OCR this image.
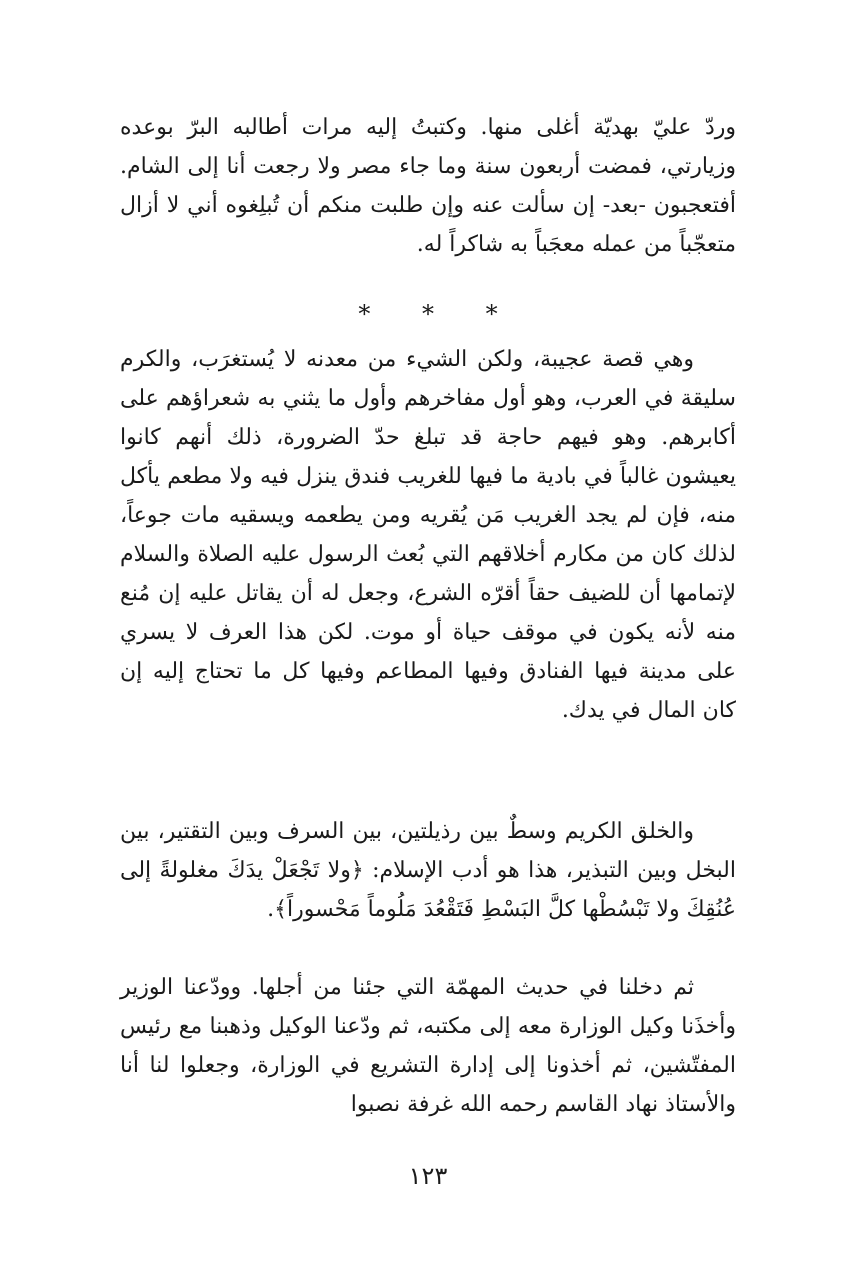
وردّ عليّ بهديّة أغلى منها. وكتبتُ إليه مرات أطالبه البرّ بوعده وزيارتي، فمضت أربعون سنة وما جاء مصر ولا رجعت أنا إلى الشام. أفتعجبون -بعد- إن سألت عنه وإن طلبت منكم أن تُبلِغوه أني لا أزال متعجّباً من عمله معجَباً به شاكراً له.

* * *

وهي قصة عجيبة، ولكن الشيء من معدنه لا يُستغرَب، والكرم سليقة في العرب، وهو أول مفاخرهم وأول ما يثني به شعراؤهم على أكابرهم. وهو فيهم حاجة قد تبلغ حدّ الضرورة، ذلك أنهم كانوا يعيشون غالباً في بادية ما فيها للغريب فندق ينزل فيه ولا مطعم يأكل منه، فإن لم يجد الغريب مَن يُقريه ومن يطعمه ويسقيه مات جوعاً، لذلك كان من مكارم أخلاقهم التي بُعث الرسول عليه الصلاة والسلام لإتمامها أن للضيف حقاً أقرّه الشرع، وجعل له أن يقاتل عليه إن مُنع منه لأنه يكون في موقف حياة أو موت. لكن هذا العرف لا يسري على مدينة فيها الفنادق وفيها المطاعم وفيها كل ما تحتاج إليه إن كان المال في يدك.

والخلق الكريم وسطٌ بين رذيلتين، بين السرف وبين التقتير، بين البخل وبين التبذير، هذا هو أدب الإسلام: ﴿ولا تَجْعَلْ يدَكَ مغلولةً إلى عُنُقِكَ ولا تَبْسُطْها كلَّ البَسْطِ فَتَقْعُدَ مَلُوماً مَحْسوراً﴾.

ثم دخلنا في حديث المهمّة التي جئنا من أجلها. وودّعنا الوزير وأخذَنا وكيل الوزارة معه إلى مكتبه، ثم ودّعنا الوكيل وذهبنا مع رئيس المفتّشين، ثم أخذونا إلى إدارة التشريع في الوزارة، وجعلوا لنا أنا والأستاذ نهاد القاسم رحمه الله غرفة نصبوا

١٢٣
